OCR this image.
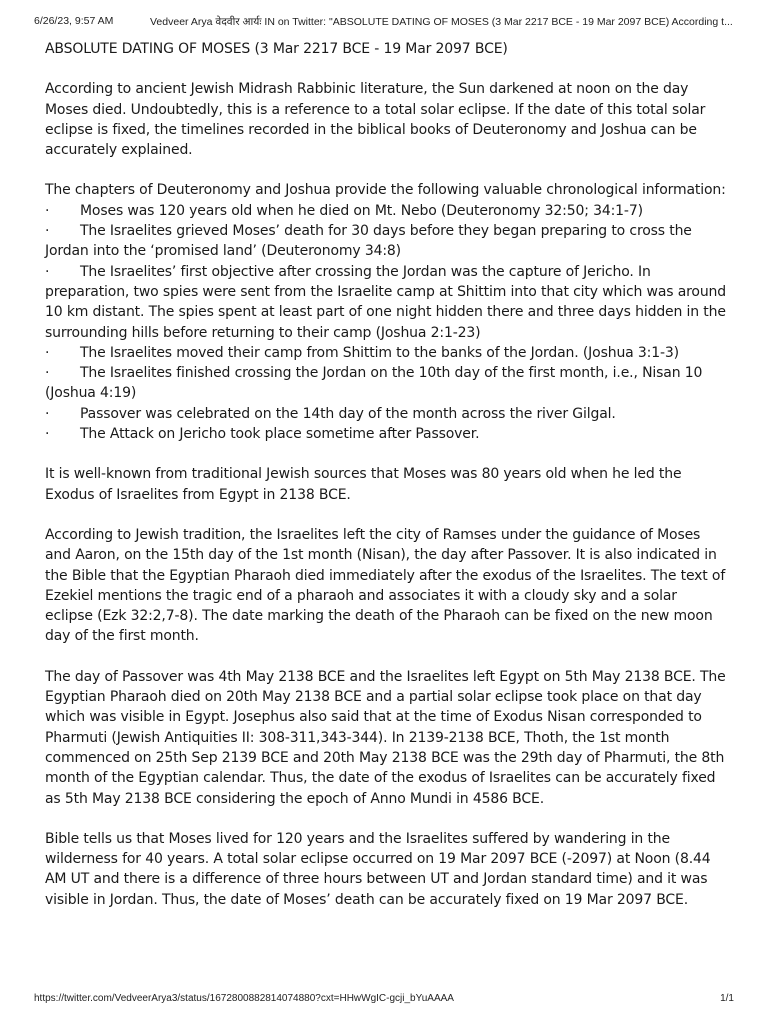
6/26/23, 9:57 AM	Vedveer Arya वेदवीर आर्यः IN on Twitter: "ABSOLUTE DATING OF MOSES (3 Mar 2217 BCE - 19 Mar 2097 BCE) According t...

ABSOLUTE DATING OF MOSES (3 Mar 2217 BCE - 19 Mar 2097 BCE)

According to ancient Jewish Midrash Rabbinic literature, the Sun darkened at noon on the day Moses died. Undoubtedly, this is a reference to a total solar eclipse. If the date of this total solar eclipse is fixed, the timelines recorded in the biblical books of Deuteronomy and Joshua can be accurately explained.

The chapters of Deuteronomy and Joshua provide the following valuable chronological information:

· Moses was 120 years old when he died on Mt. Nebo (Deuteronomy 32:50; 34:1-7)
· The Israelites grieved Moses’ death for 30 days before they began preparing to cross the Jordan into the ‘promised land’ (Deuteronomy 34:8)
· The Israelites’ first objective after crossing the Jordan was the capture of Jericho. In preparation, two spies were sent from the Israelite camp at Shittim into that city which was around 10 km distant. The spies spent at least part of one night hidden there and three days hidden in the surrounding hills before returning to their camp (Joshua 2:1-23)
· The Israelites moved their camp from Shittim to the banks of the Jordan. (Joshua 3:1-3)
· The Israelites finished crossing the Jordan on the 10th day of the first month, i.e., Nisan 10 (Joshua 4:19)
· Passover was celebrated on the 14th day of the month across the river Gilgal.
· The Attack on Jericho took place sometime after Passover.

It is well-known from traditional Jewish sources that Moses was 80 years old when he led the Exodus of Israelites from Egypt in 2138 BCE.

According to Jewish tradition, the Israelites left the city of Ramses under the guidance of Moses and Aaron, on the 15th day of the 1st month (Nisan), the day after Passover. It is also indicated in the Bible that the Egyptian Pharaoh died immediately after the exodus of the Israelites. The text of Ezekiel mentions the tragic end of a pharaoh and associates it with a cloudy sky and a solar eclipse (Ezk 32:2,7-8). The date marking the death of the Pharaoh can be fixed on the new moon day of the first month.

The day of Passover was 4th May 2138 BCE and the Israelites left Egypt on 5th May 2138 BCE. The Egyptian Pharaoh died on 20th May 2138 BCE and a partial solar eclipse took place on that day which was visible in Egypt. Josephus also said that at the time of Exodus Nisan corresponded to Pharmuti (Jewish Antiquities II: 308-311,343-344). In 2139-2138 BCE, Thoth, the 1st month commenced on 25th Sep 2139 BCE and 20th May 2138 BCE was the 29th day of Pharmuti, the 8th month of the Egyptian calendar. Thus, the date of the exodus of Israelites can be accurately fixed as 5th May 2138 BCE considering the epoch of Anno Mundi in 4586 BCE.

Bible tells us that Moses lived for 120 years and the Israelites suffered by wandering in the wilderness for 40 years. A total solar eclipse occurred on 19 Mar 2097 BCE (-2097) at Noon (8.44 AM UT and there is a difference of three hours between UT and Jordan standard time) and it was visible in Jordan. Thus, the date of Moses’ death can be accurately fixed on 19 Mar 2097 BCE.

https://twitter.com/VedveerArya3/status/1672800882814074880?cxt=HHwWgIC-gcji_bYuAAAA	1/1
